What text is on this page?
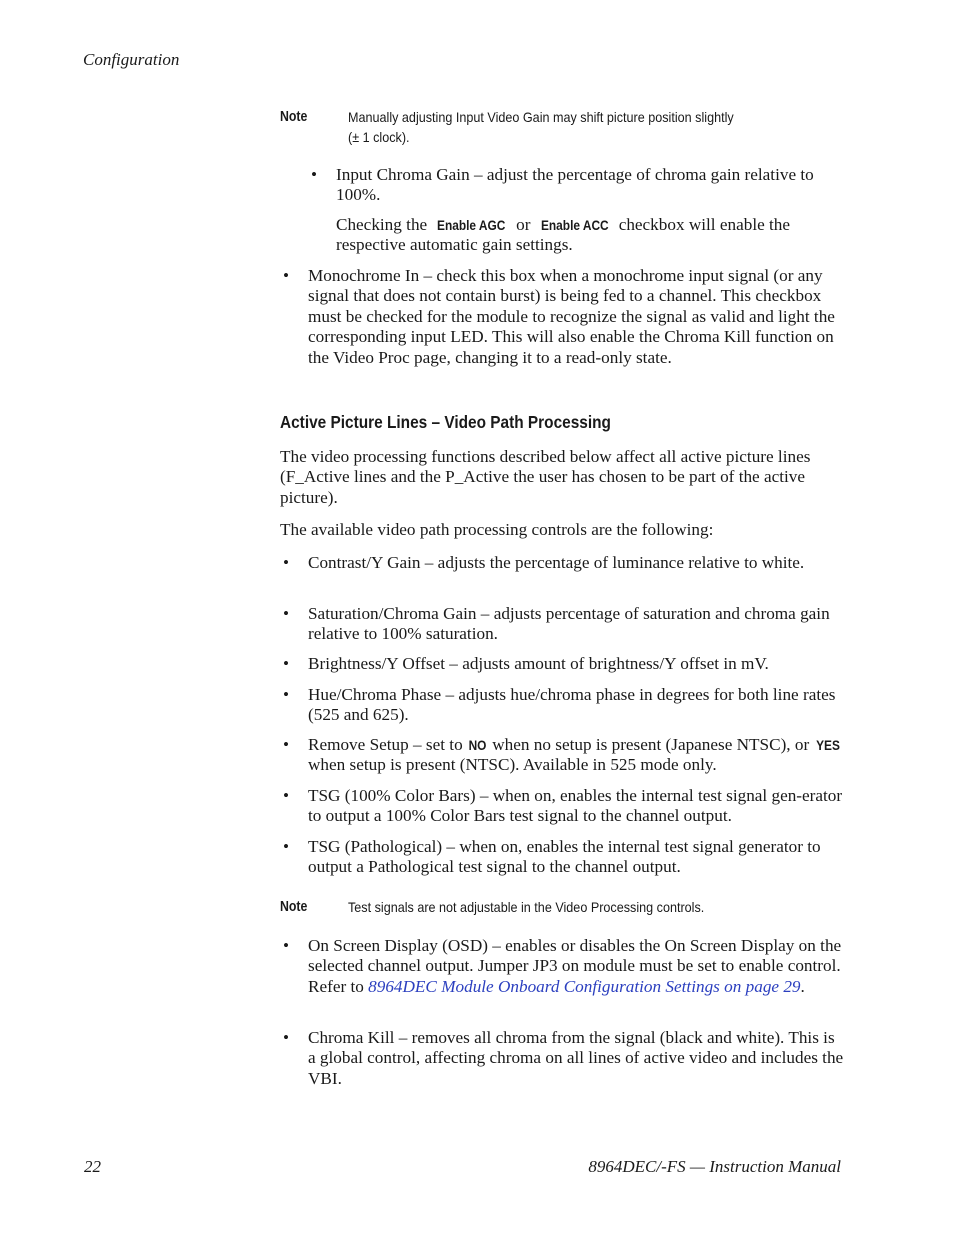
Configuration
Note	Manually adjusting Input Video Gain may shift picture position slightly
(± 1 clock).
• Input Chroma Gain – adjust the percentage of chroma gain relative to 100%.
Checking the Enable AGC or Enable ACC checkbox will enable the respective automatic gain settings.
• Monochrome In – check this box when a monochrome input signal (or any signal that does not contain burst) is being fed to a channel. This checkbox must be checked for the module to recognize the signal as valid and light the corresponding input LED. This will also enable the Chroma Kill function on the Video Proc page, changing it to a read-only state.
Active Picture Lines – Video Path Processing
The video processing functions described below affect all active picture lines (F_Active lines and the P_Active the user has chosen to be part of the active picture).
The available video path processing controls are the following:
• Contrast/Y Gain – adjusts the percentage of luminance relative to white.
• Saturation/Chroma Gain – adjusts percentage of saturation and chroma gain relative to 100% saturation.
• Brightness/Y Offset – adjusts amount of brightness/Y offset in mV.
• Hue/Chroma Phase – adjusts hue/chroma phase in degrees for both line rates (525 and 625).
• Remove Setup – set to NO when no setup is present (Japanese NTSC), or YES when setup is present (NTSC). Available in 525 mode only.
• TSG (100% Color Bars) – when on, enables the internal test signal gen-erator to output a 100% Color Bars test signal to the channel output.
• TSG (Pathological) – when on, enables the internal test signal generator to output a Pathological test signal to the channel output.
Note	Test signals are not adjustable in the Video Processing controls.
• On Screen Display (OSD) – enables or disables the On Screen Display on the selected channel output. Jumper JP3 on module must be set to enable control. Refer to 8964DEC Module Onboard Configuration Settings on page 29.
• Chroma Kill – removes all chroma from the signal (black and white). This is a global control, affecting chroma on all lines of active video and includes the VBI.
22	8964DEC/-FS — Instruction Manual
